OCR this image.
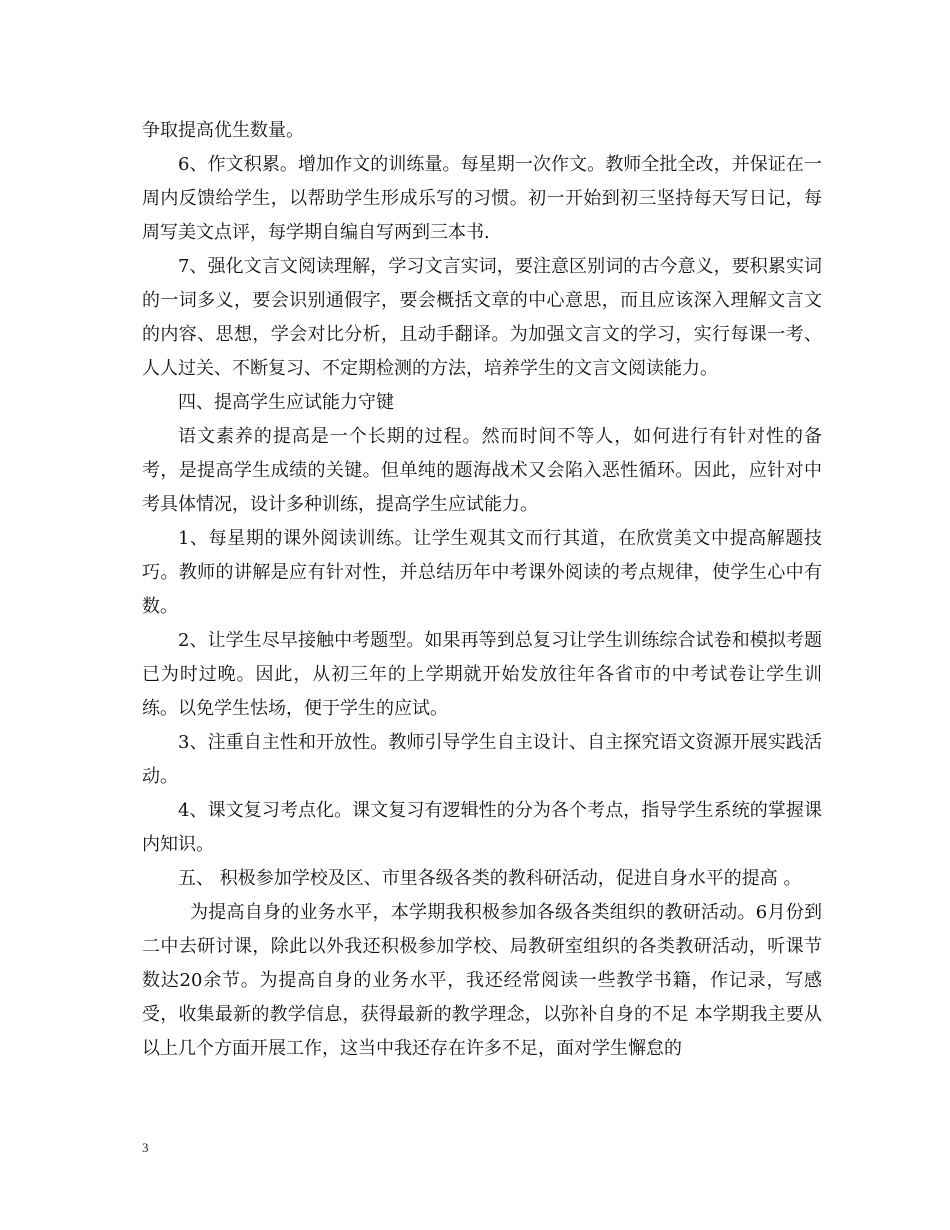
争取提高优生数量。

6、作文积累。增加作文的训练量。每星期一次作文。教师全批全改，并保证在一周内反馈给学生，以帮助学生形成乐写的习惯。初一开始到初三坚持每天写日记，每周写美文点评，每学期自编自写两到三本书.

7、强化文言文阅读理解，学习文言实词，要注意区别词的古今意义，要积累实词的一词多义，要会识别通假字，要会概括文章的中心意思，而且应该深入理解文言文的内容、思想，学会对比分析，且动手翻译。为加强文言文的学习，实行每课一考、人人过关、不断复习、不定期检测的方法，培养学生的文言文阅读能力。

四、提高学生应试能力守键

语文素养的提高是一个长期的过程。然而时间不等人，如何进行有针对性的备考，是提高学生成绩的关键。但单纯的题海战术又会陷入恶性循环。因此，应针对中考具体情况，设计多种训练，提高学生应试能力。

1、每星期的课外阅读训练。让学生观其文而行其道，在欣赏美文中提高解题技巧。教师的讲解是应有针对性，并总结历年中考课外阅读的考点规律，使学生心中有数。

2、让学生尽早接触中考题型。如果再等到总复习让学生训练综合试卷和模拟考题已为时过晚。因此，从初三年的上学期就开始发放往年各省市的中考试卷让学生训练。以免学生怯场，便于学生的应试。

3、注重自主性和开放性。教师引导学生自主设计、自主探究语文资源开展实践活动。

4、课文复习考点化。课文复习有逻辑性的分为各个考点，指导学生系统的掌握课内知识。

五、 积极参加学校及区、市里各级各类的教科研活动，促进自身水平的提高 。

为提高自身的业务水平，本学期我积极参加各级各类组织的教研活动。6月份到二中去研讨课，除此以外我还积极参加学校、局教研室组织的各类教研活动，听课节数达20余节。为提高自身的业务水平，我还经常阅读一些教学书籍，作记录，写感受，收集最新的教学信息，获得最新的教学理念，以弥补自身的不足 本学期我主要从以上几个方面开展工作，这当中我还存在许多不足，面对学生懈怠的

3
